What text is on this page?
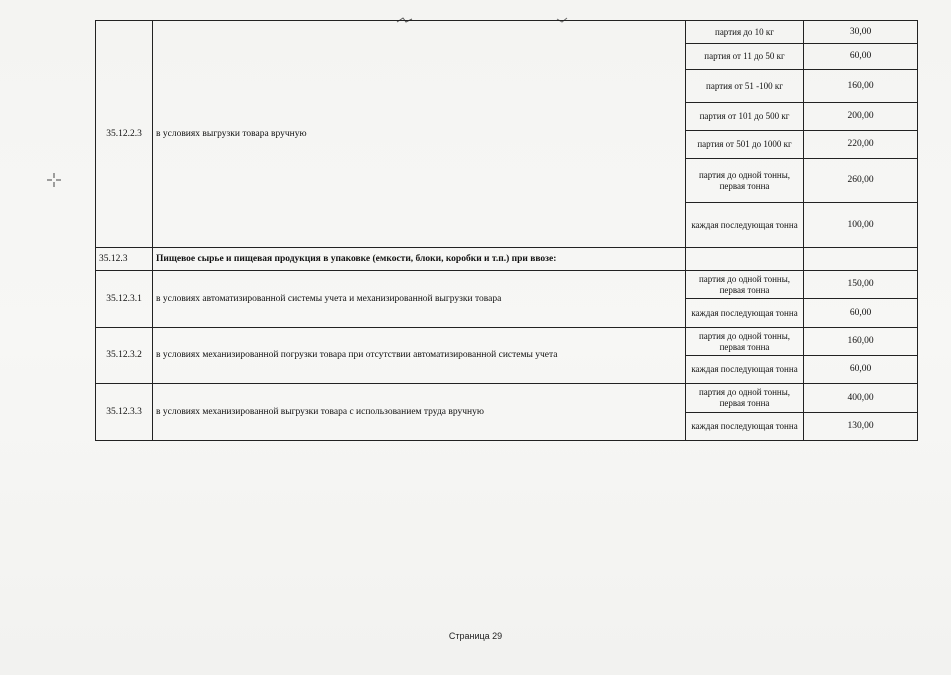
35.12.2.3	в условиях выгрузки товара вручную	партия до 10 кг	30,00
		партия от 11 до 50 кг	60,00
		партия от 51 -100 кг	160,00
		партия от 101 до 500 кг	200,00
		партия от 501 до 1000 кг	220,00
		партия до одной тонны, первая тонна	260,00
		каждая последующая тонна	100,00
35.12.3	Пищевое сырье и пищевая продукция в упаковке (емкости, блоки, коробки и т.п.) при ввозе:		
35.12.3.1	в условиях автоматизированной системы учета и механизированной выгрузки товара	партия до одной тонны, первая тонна	150,00
		каждая последующая тонна	60,00
35.12.3.2	в условиях механизированной погрузки товара при отсутствии автоматизированной системы учета	партия до одной тонны, первая тонна	160,00
		каждая последующая тонна	60,00
35.12.3.3	в условиях механизированной выгрузки товара с использованием труда вручную	партия до одной тонны, первая тонна	400,00
		каждая последующая тонна	130,00
Страница 29
